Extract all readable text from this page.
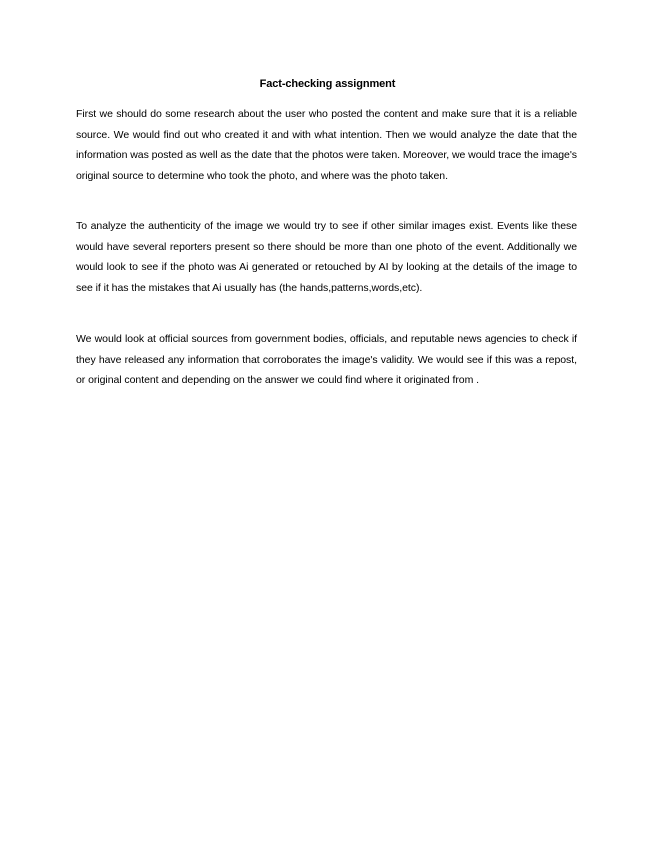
Fact-checking assignment

First we should do some research about the user who posted the content and make sure that it is a reliable source. We would find out who created it and with what intention. Then we would analyze the date that the information was posted as well as the date that the photos were taken. Moreover, we would trace the image's original source to determine who took the photo, and where was the photo taken.

To analyze the authenticity of the image we would try to see if other similar images exist. Events like these would have several reporters present so there should be more than one photo of the event. Additionally we would look to see if the photo was Ai generated or retouched by AI by looking at the details of the image to see if it has the mistakes that Ai usually has (the hands,patterns,words,etc).

We would look at official sources from government bodies, officials, and reputable news agencies to check if they have released any information that corroborates the image's validity. We would see if this was a repost, or original content and depending on the answer we could find where it originated from .
